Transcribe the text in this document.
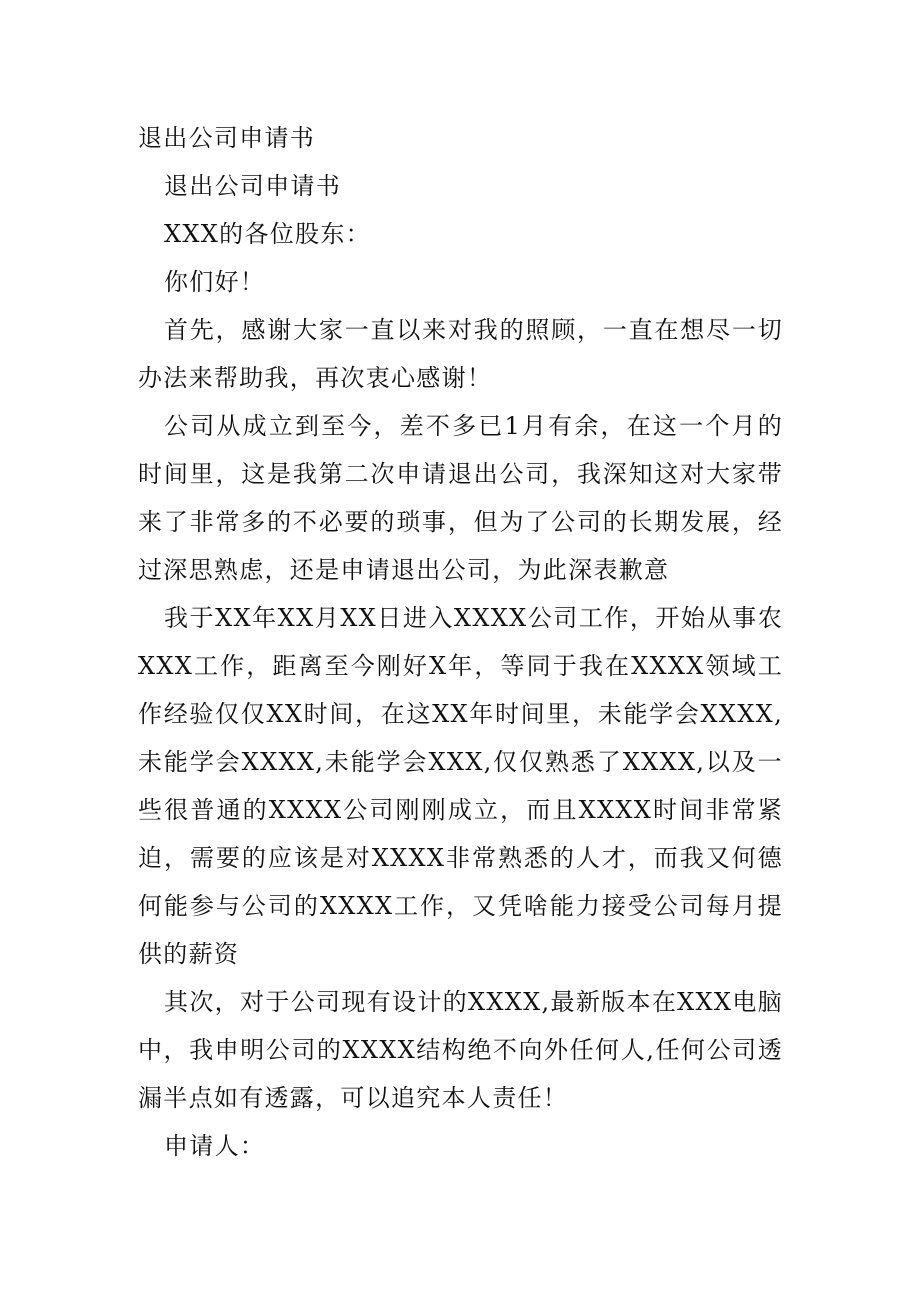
退出公司申请书

退出公司申请书

XXX的各位股东：

你们好！

首先，感谢大家一直以来对我的照顾，一直在想尽一切办法来帮助我，再次衷心感谢！

公司从成立到至今，差不多已1月有余，在这一个月的时间里，这是我第二次申请退出公司，我深知这对大家带来了非常多的不必要的琐事，但为了公司的长期发展，经过深思熟虑，还是申请退出公司，为此深表歉意

我于XX年XX月XX日进入XXXX公司工作，开始从事农XXX工作，距离至今刚好X年，等同于我在XXXX领域工作经验仅仅XX时间，在这XX年时间里，未能学会XXXX,未能学会XXXX,未能学会XXX,仅仅熟悉了XXXX,以及一些很普通的XXXX公司刚刚成立，而且XXXX时间非常紧迫，需要的应该是对XXXX非常熟悉的人才，而我又何德何能参与公司的XXXX工作，又凭啥能力接受公司每月提供的薪资

其次，对于公司现有设计的XXXX,最新版本在XXX电脑中，我申明公司的XXXX结构绝不向外任何人,任何公司透漏半点如有透露，可以追究本人责任！

申请人：
